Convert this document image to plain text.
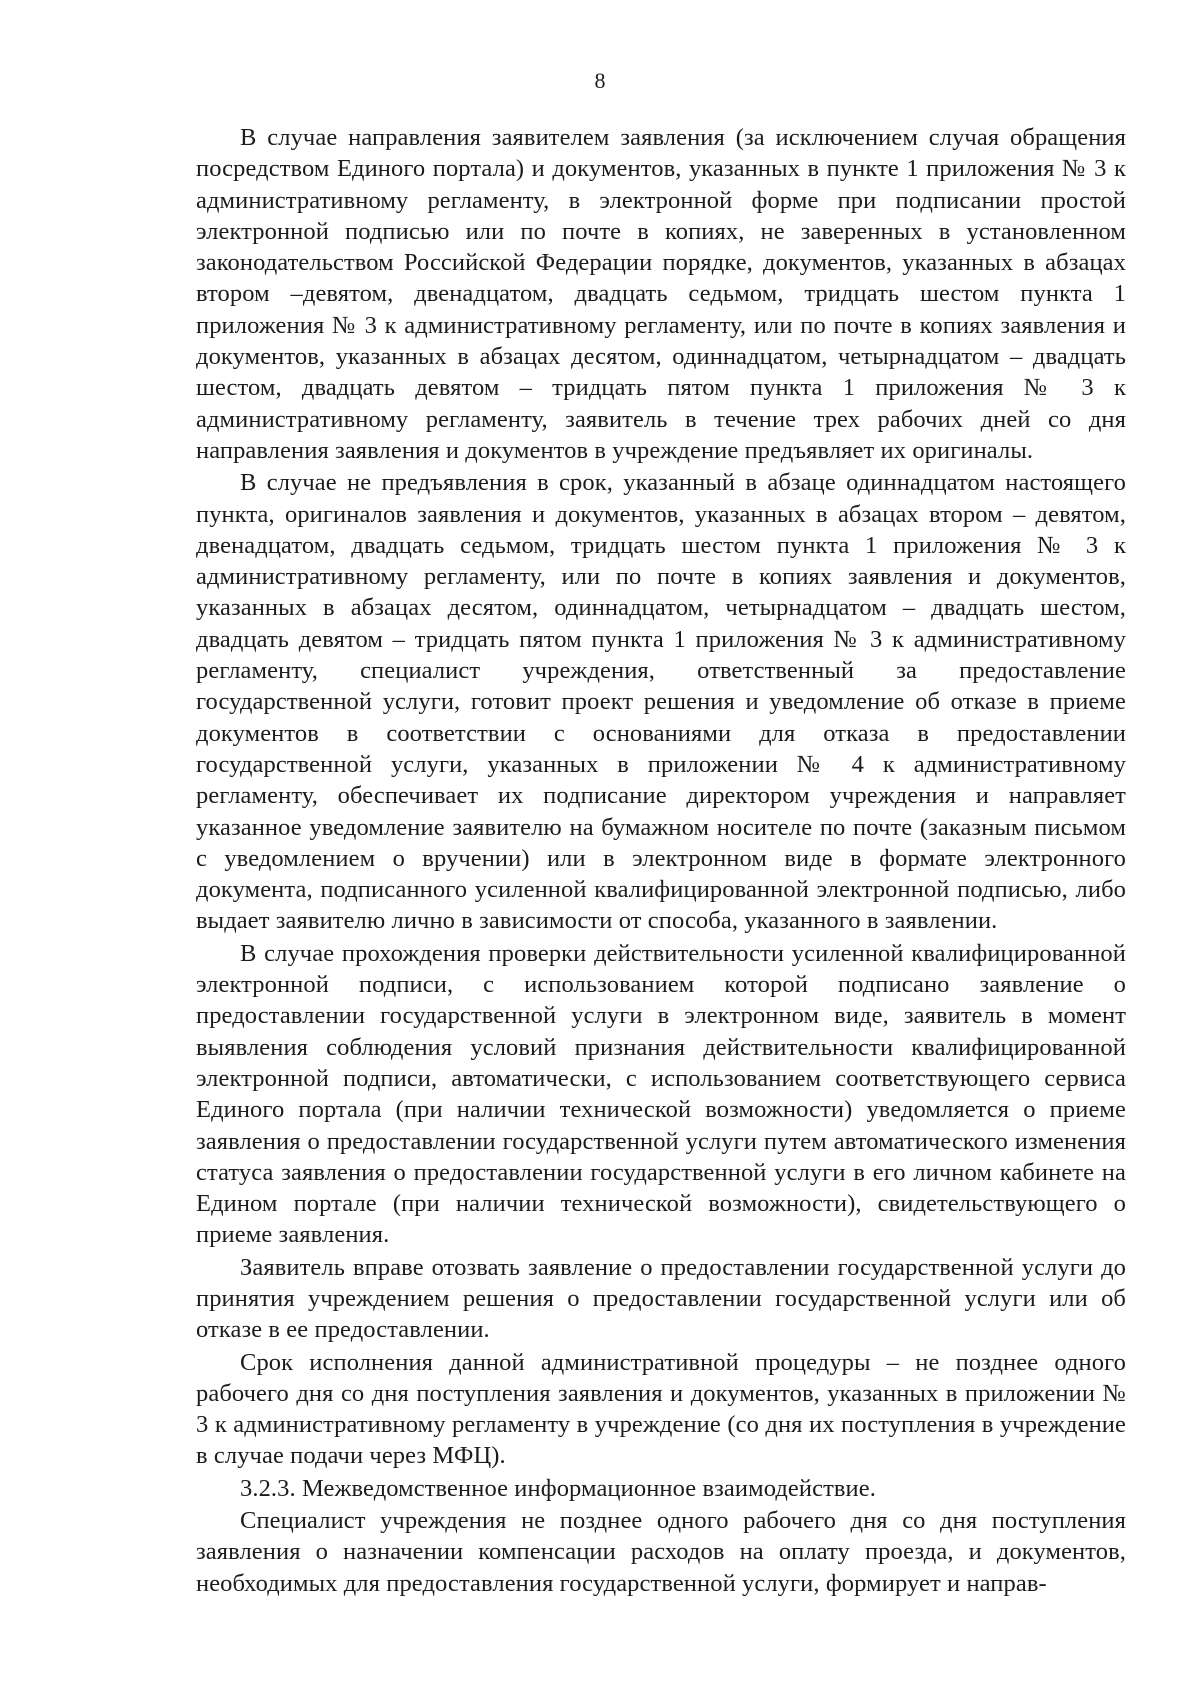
8

В случае направления заявителем заявления (за исключением случая обращения посредством Единого портала) и документов, указанных в пункте 1 приложения № 3 к административному регламенту, в электронной форме при подписании простой электронной подписью или по почте в копиях, не заверенных в установленном законодательством Российской Федерации порядке, документов, указанных в абзацах втором –девятом, двенадцатом, двадцать седьмом, тридцать шестом пункта 1 приложения № 3 к административному регламенту, или по почте в копиях заявления и документов, указанных в абзацах десятом, одиннадцатом, четырнадцатом – двадцать шестом, двадцать девятом – тридцать пятом пункта 1 приложения № 3 к административному регламенту, заявитель в течение трех рабочих дней со дня направления заявления и документов в учреждение предъявляет их оригиналы.

В случае не предъявления в срок, указанный в абзаце одиннадцатом настоящего пункта, оригиналов заявления и документов, указанных в абзацах втором – девятом, двенадцатом, двадцать седьмом, тридцать шестом пункта 1 приложения № 3 к административному регламенту, или по почте в копиях заявления и документов, указанных в абзацах десятом, одиннадцатом, четырнадцатом – двадцать шестом, двадцать девятом – тридцать пятом пункта 1 приложения № 3 к административному регламенту, специалист учреждения, ответственный за предоставление государственной услуги, готовит проект решения и уведомление об отказе в приеме документов в соответствии с основаниями для отказа в предоставлении государственной услуги, указанных в приложении № 4 к административному регламенту, обеспечивает их подписание директором учреждения и направляет указанное уведомление заявителю на бумажном носителе по почте (заказным письмом с уведомлением о вручении) или в электронном виде в формате электронного документа, подписанного усиленной квалифицированной электронной подписью, либо выдает заявителю лично в зависимости от способа, указанного в заявлении.

В случае прохождения проверки действительности усиленной квалифицированной электронной подписи, с использованием которой подписано заявление о предоставлении государственной услуги в электронном виде, заявитель в момент выявления соблюдения условий признания действительности квалифицированной электронной подписи, автоматически, с использованием соответствующего сервиса Единого портала (при наличии технической возможности) уведомляется о приеме заявления о предоставлении государственной услуги путем автоматического изменения статуса заявления о предоставлении государственной услуги в его личном кабинете на Едином портале (при наличии технической возможности), свидетельствующего о приеме заявления.

Заявитель вправе отозвать заявление о предоставлении государственной услуги до принятия учреждением решения о предоставлении государственной услуги или об отказе в ее предоставлении.

Срок исполнения данной административной процедуры – не позднее одного рабочего дня со дня поступления заявления и документов, указанных в приложении № 3 к административному регламенту в учреждение (со дня их поступления в учреждение в случае подачи через МФЦ).

3.2.3. Межведомственное информационное взаимодействие.

Специалист учреждения не позднее одного рабочего дня со дня поступления заявления о назначении компенсации расходов на оплату проезда, и документов, необходимых для предоставления государственной услуги, формирует и направ-
